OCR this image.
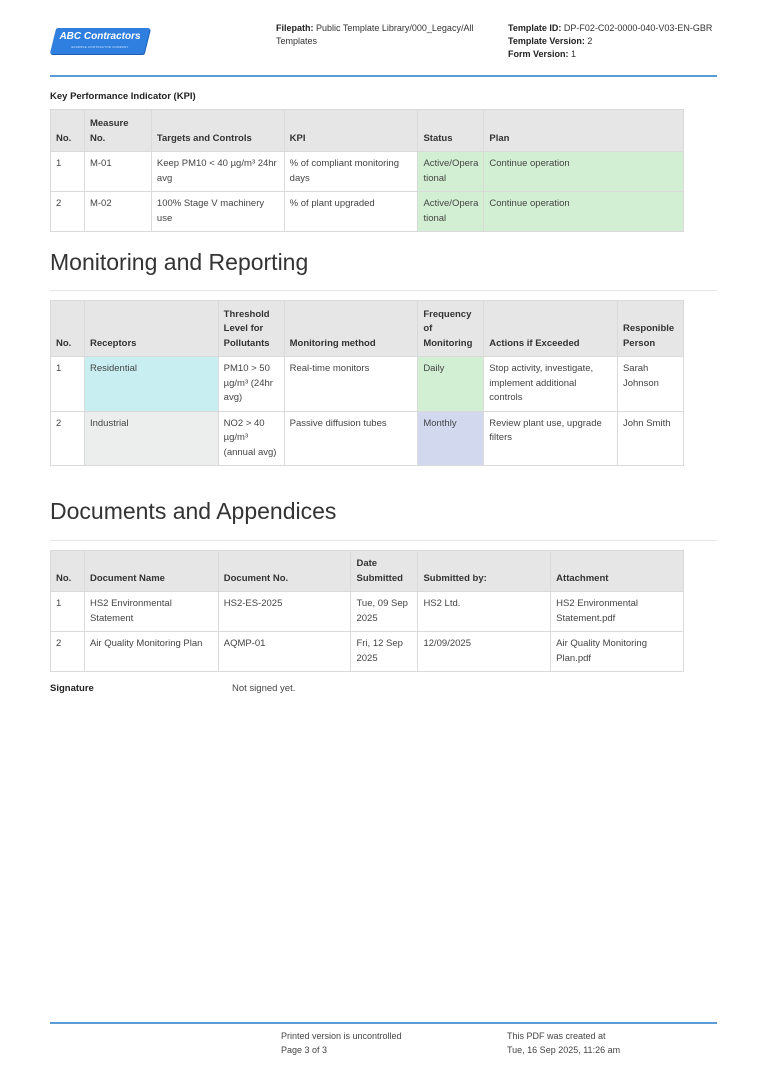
ABC Contractors
EXAMPLE CONTRACTOR COMPANY
Filepath: Public Template Library/000_Legacy/All Templates
Template ID: DP-F02-C02-0000-040-V03-EN-GBR
Template Version: 2
Form Version: 1
Key Performance Indicator (KPI)
No.	Measure No.	Targets and Controls	KPI	Status	Plan
1	M-01	Keep PM10 < 40 µg/m³ 24hr avg	% of compliant monitoring days	Active/Operational	Continue operation
2	M-02	100% Stage V machinery use	% of plant upgraded	Active/Operational	Continue operation
Monitoring and Reporting
No.	Receptors	Threshold Level for Pollutants	Monitoring method	Frequency of Monitoring	Actions if Exceeded	Responible Person
1	Residential	PM10 > 50 µg/m³ (24hr avg)	Real-time monitors	Daily	Stop activity, investigate, implement additional controls	Sarah Johnson
2	Industrial	NO2 > 40 µg/m³ (annual avg)	Passive diffusion tubes	Monthly	Review plant use, upgrade filters	John Smith
Documents and Appendices
No.	Document Name	Document No.	Date Submitted	Submitted by:	Attachment
1	HS2 Environmental Statement	HS2-ES-2025	Tue, 09 Sep 2025	HS2 Ltd.	HS2 Environmental Statement.pdf
2	Air Quality Monitoring Plan	AQMP-01	Fri, 12 Sep 2025	12/09/2025	Air Quality Monitoring Plan.pdf
Signature	Not signed yet.
Printed version is uncontrolled
Page 3 of 3
This PDF was created at
Tue, 16 Sep 2025, 11:26 am
